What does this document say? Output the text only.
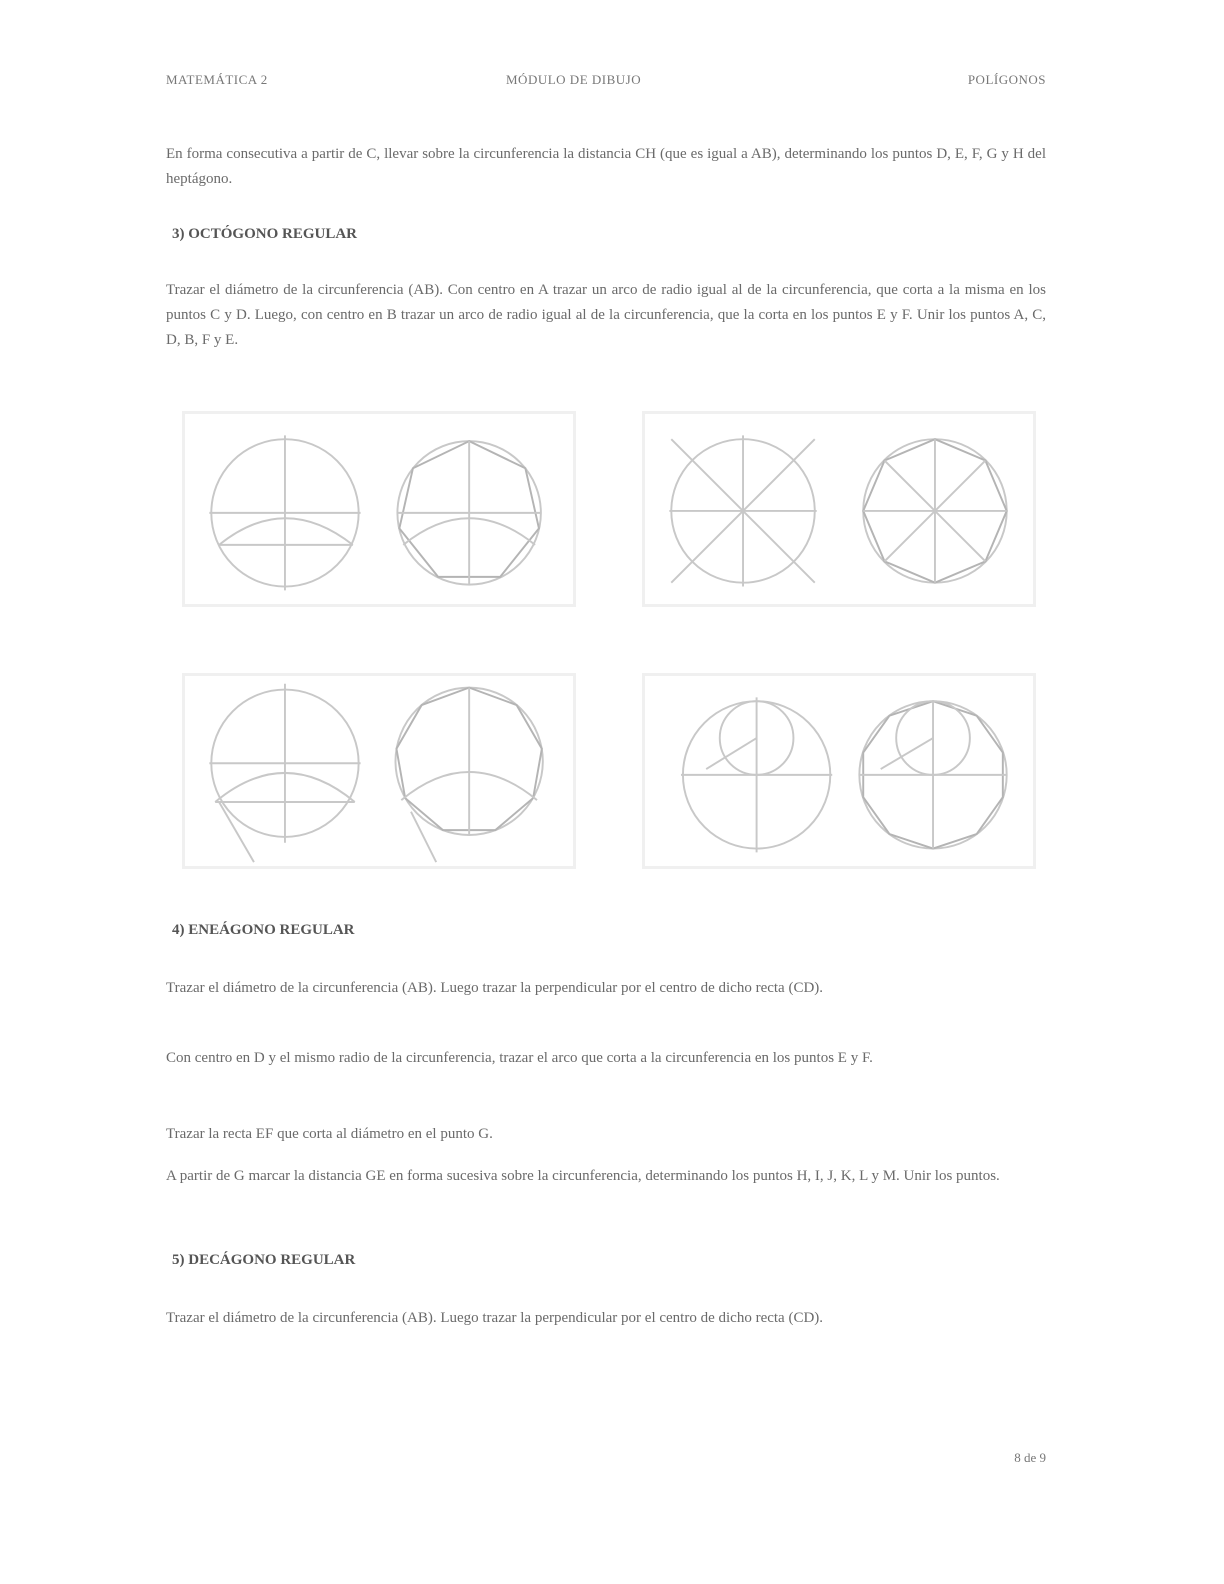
MATEMÁTICA 2	MÓDULO DE DIBUJO	POLÍGONOS

En forma consecutiva a partir de C, llevar sobre la circunferencia la distancia CH (que es igual a AB), determinando los puntos D, E, F, G y H del heptágono.

3) OCTÓGONO REGULAR

Trazar el diámetro de la circunferencia (AB). Con centro en A trazar un arco de radio igual al de la circunferencia, que corta a la misma en los puntos C y D. Luego, con centro en B trazar un arco de radio igual al de la circunferencia, que la corta en los puntos E y F. Unir los puntos A, C, D, B, F y E.

4) ENEÁGONO REGULAR

Trazar el diámetro de la circunferencia (AB). Luego trazar la perpendicular por el centro de dicho recta (CD).

Con centro en D y el mismo radio de la circunferencia, trazar el arco que corta a la circunferencia en los puntos E y F.

Trazar la recta EF que corta al diámetro en el punto G.

A partir de G marcar la distancia GE en forma sucesiva sobre la circunferencia, determinando los puntos H, I, J, K, L y M. Unir los puntos.

5) DECÁGONO REGULAR

Trazar el diámetro de la circunferencia (AB). Luego trazar la perpendicular por el centro de dicho recta (CD).

8 de 9
